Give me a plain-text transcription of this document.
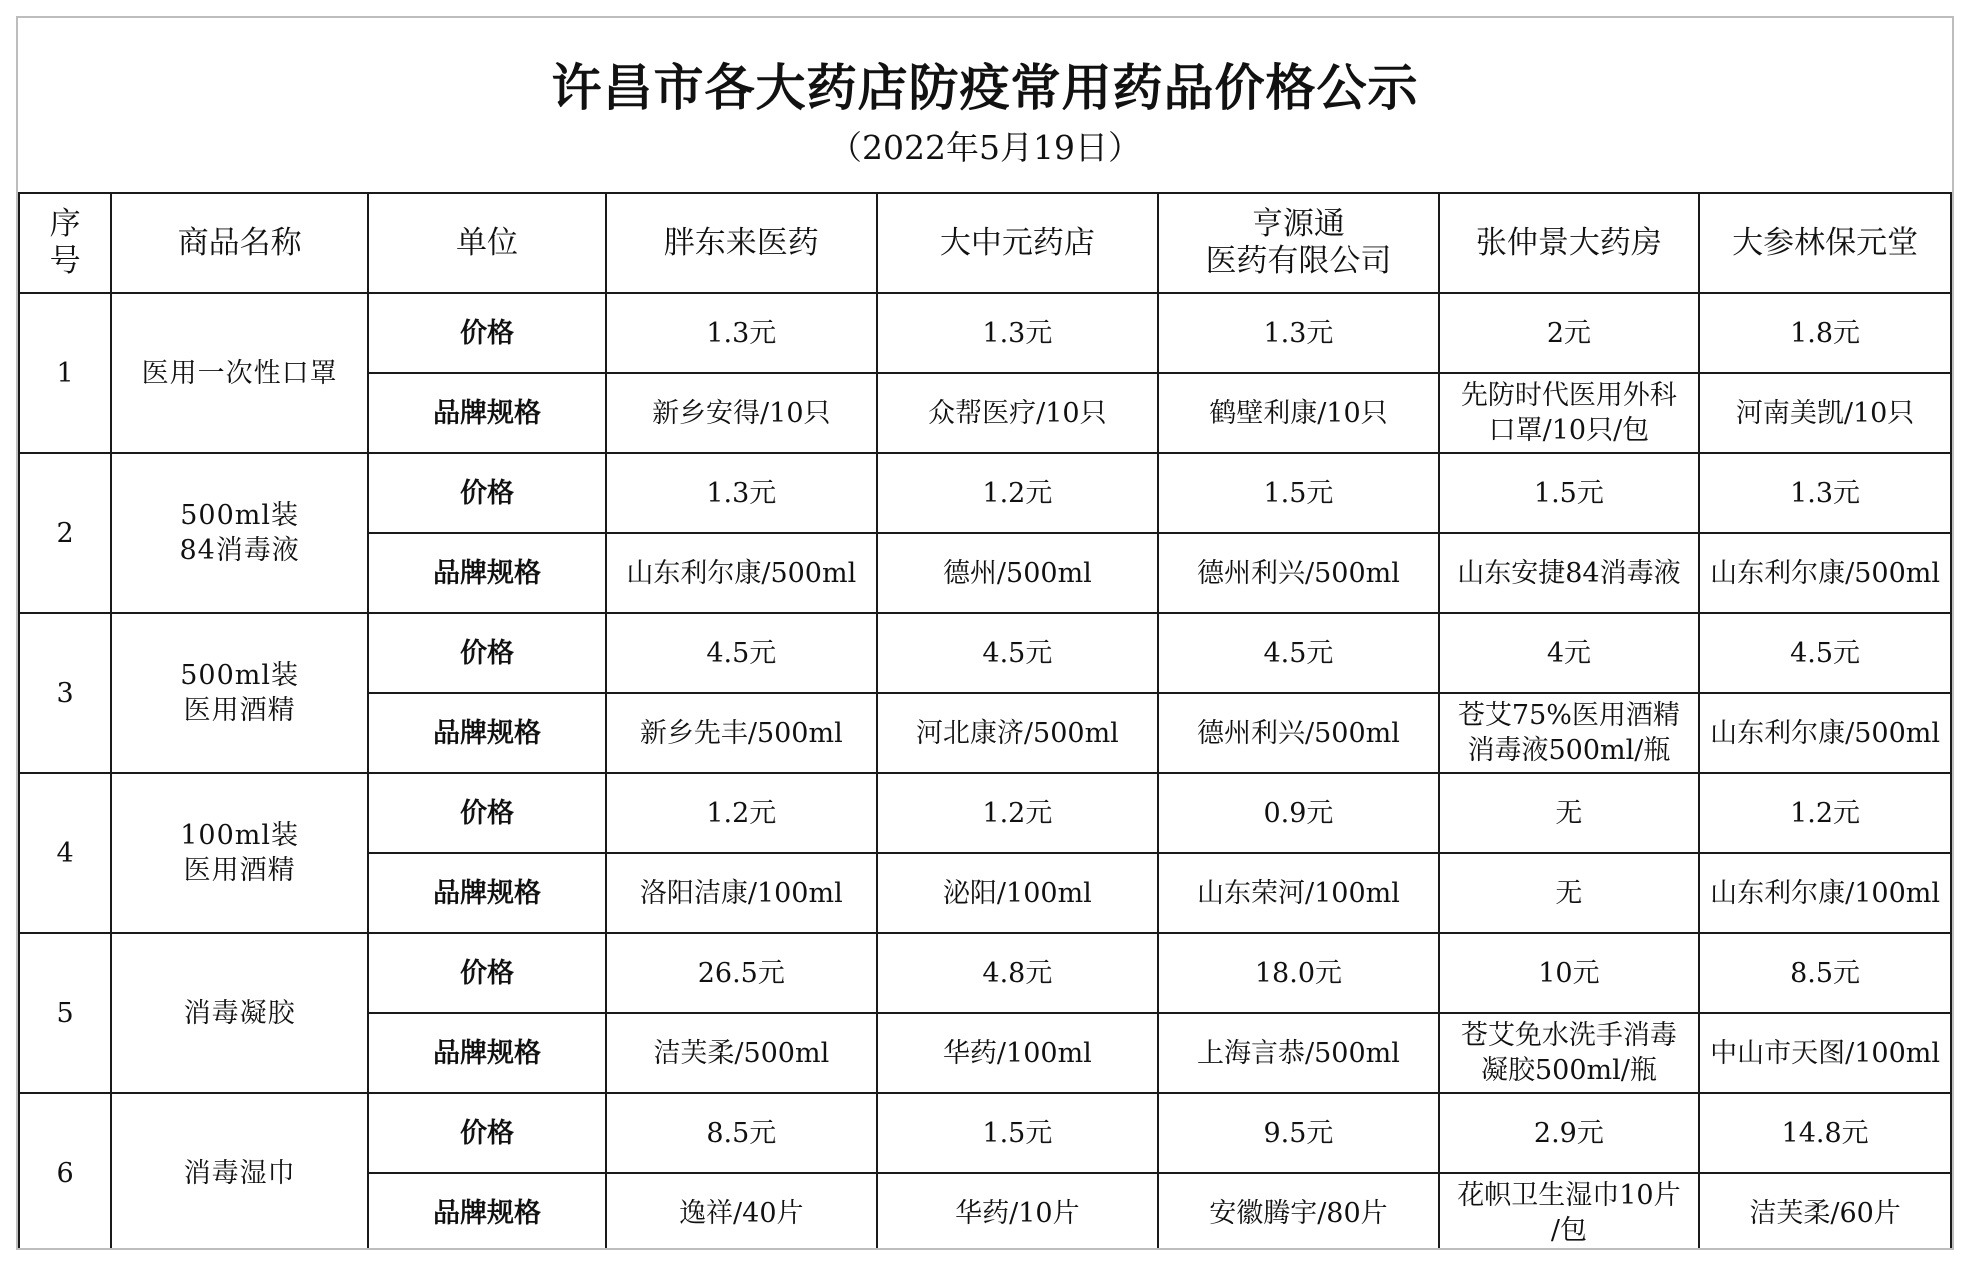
许昌市各大药店防疫常用药品价格公示
（2022年5月19日）
序
号	商品名称	单位	胖东来医药	大中元药店	亨源通
医药有限公司	张仲景大药房	大参林保元堂

1	医用一次性口罩	价格	1.3元	1.3元	1.3元	2元	1.8元
		品牌规格	新乡安得/10只	众帮医疗/10只	鹤壁利康/10只	先防时代医用外科
口罩/10只/包	河南美凯/10只

2	500ml装
84消毒液	价格	1.3元	1.2元	1.5元	1.5元	1.3元
		品牌规格	山东利尔康/500ml	德州/500ml	德州利兴/500ml	山东安捷84消毒液	山东利尔康/500ml

3	500ml装
医用酒精	价格	4.5元	4.5元	4.5元	4元	4.5元
		品牌规格	新乡先丰/500ml	河北康济/500ml	德州利兴/500ml	苍艾75%医用酒精
消毒液500ml/瓶	山东利尔康/500ml

4	100ml装
医用酒精	价格	1.2元	1.2元	0.9元	无	1.2元
		品牌规格	洛阳洁康/100ml	泌阳/100ml	山东荣河/100ml	无	山东利尔康/100ml

5	消毒凝胶	价格	26.5元	4.8元	18.0元	10元	8.5元
		品牌规格	洁芙柔/500ml	华药/100ml	上海言恭/500ml	苍艾免水洗手消毒
凝胶500ml/瓶	中山市天图/100ml

6	消毒湿巾	价格	8.5元	1.5元	9.5元	2.9元	14.8元
		品牌规格	逸祥/40片	华药/10片	安徽腾宇/80片	花帜卫生湿巾10片
/包	洁芙柔/60片
